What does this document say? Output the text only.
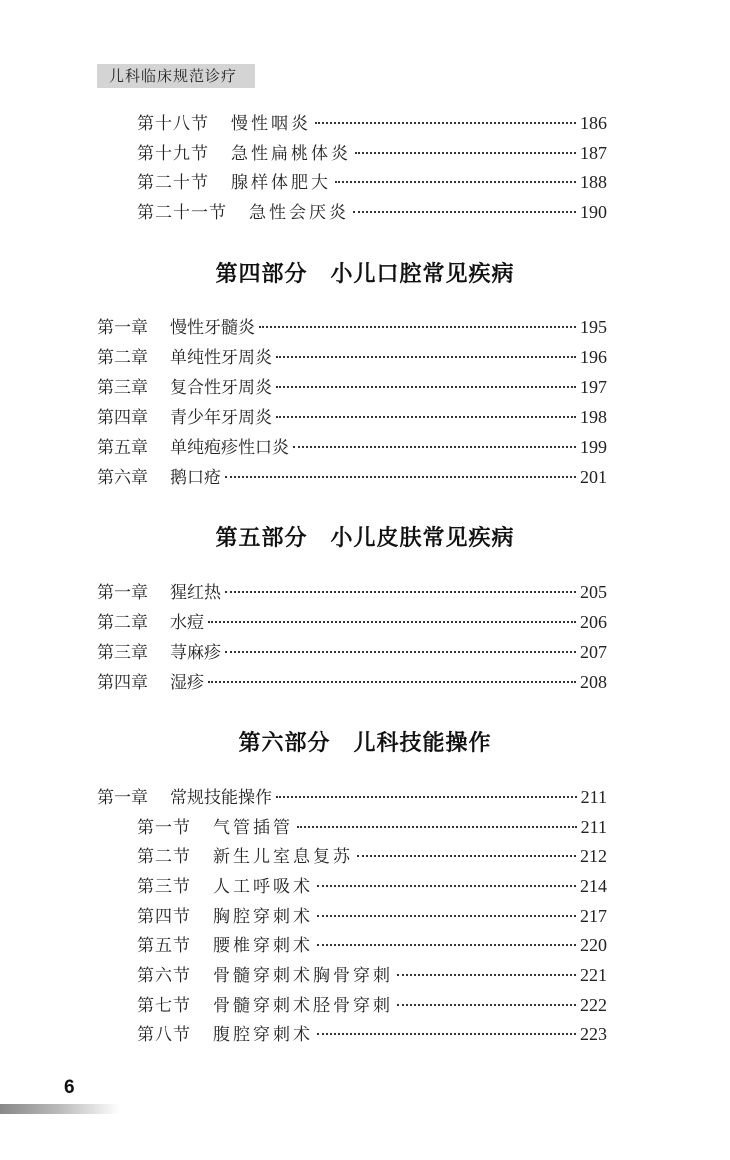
儿科临床规范诊疗
第十八节 慢性咽炎	186
第十九节 急性扁桃体炎	187
第二十节 腺样体肥大	188
第二十一节 急性会厌炎	190
第四部分　小儿口腔常见疾病
第一章 慢性牙髓炎	195
第二章 单纯性牙周炎	196
第三章 复合性牙周炎	197
第四章 青少年牙周炎	198
第五章 单纯疱疹性口炎	199
第六章 鹅口疮	201
第五部分　小儿皮肤常见疾病
第一章 猩红热	205
第二章 水痘	206
第三章 荨麻疹	207
第四章 湿疹	208
第六部分　儿科技能操作
第一章 常规技能操作	211
第一节 气管插管	211
第二节 新生儿室息复苏	212
第三节 人工呼吸术	214
第四节 胸腔穿刺术	217
第五节 腰椎穿刺术	220
第六节 骨髓穿刺术胸骨穿刺	221
第七节 骨髓穿刺术胫骨穿刺	222
第八节 腹腔穿刺术	223
6
